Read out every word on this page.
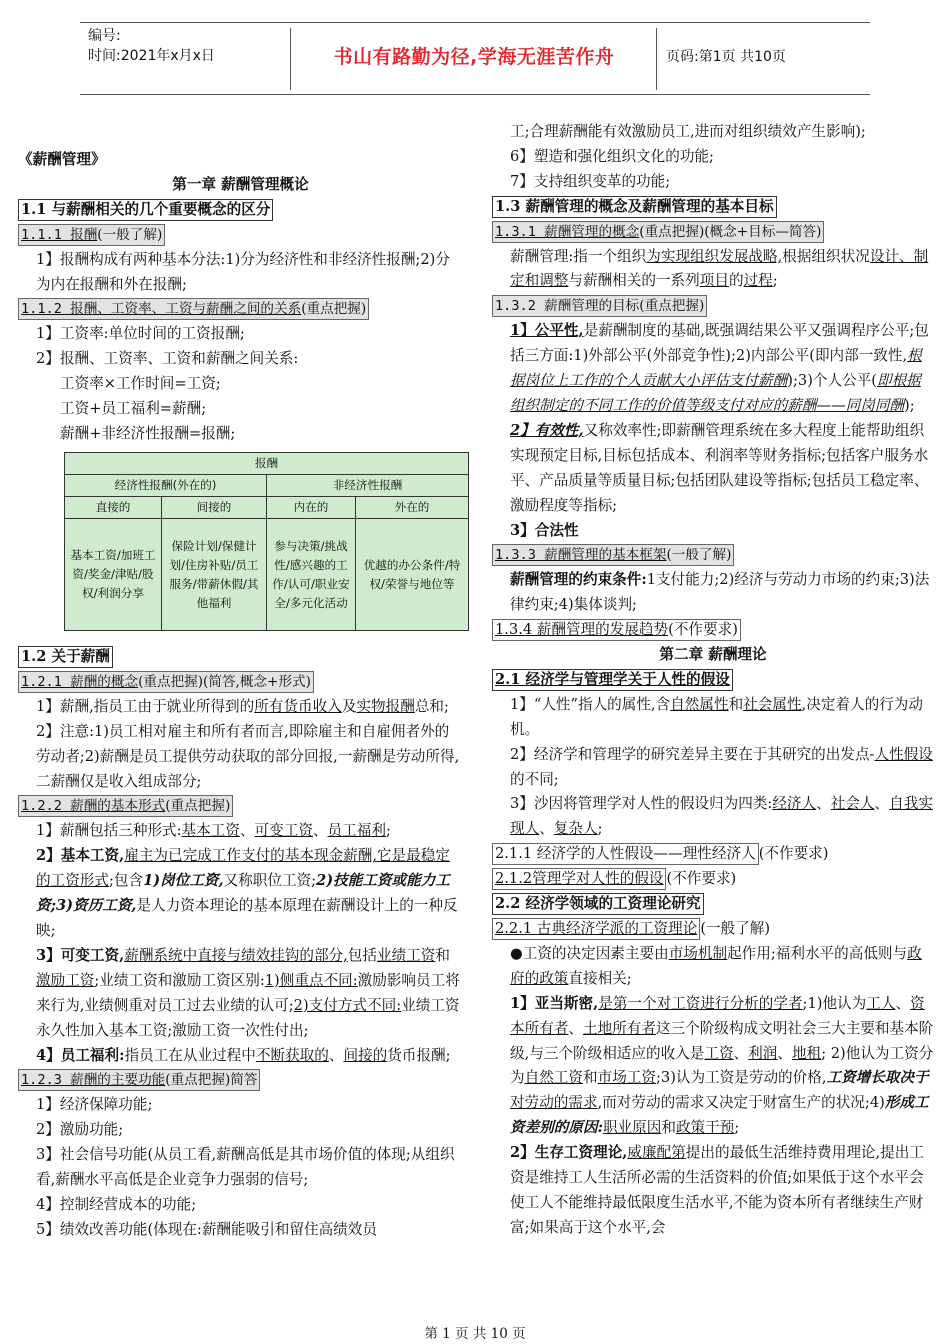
编号:
时间:2021年x月x日	书山有路勤为径,学海无涯苦作舟	页码:第1页 共10页

《薪酬管理》

第一章 薪酬管理概论

1.1 与薪酬相关的几个重要概念的区分
1.1.1 报酬(一般了解)

1】报酬构成有两种基本分法:1)分为经济性和非经济性报酬;2)分为内在报酬和外在报酬;

1.1.2 报酬、工资率、工资与薪酬之间的关系(重点把握)

1】工资率:单位时间的工资报酬;

2】报酬、工资率、工资和薪酬之间关系:

工资率×工作时间=工资;

工资+员工福利=薪酬;

薪酬+非经济性报酬=报酬;

报酬			
经济性报酬(外在的)		非经济性报酬	
直接的	间接的	内在的	外在的
基本工资/加班工资/奖金/津贴/股权/利润分享	保险计划/保健计划/住房补贴/员工服务/带薪休假/其他福利	参与决策/挑战性/感兴趣的工作/认可/职业安全/多元化活动	优越的办公条件/特权/荣誉与地位等
1.2 关于薪酬
1.2.1 薪酬的概念(重点把握)(简答,概念+形式)

1】薪酬,指员工由于就业所得到的所有货币收入及实物报酬总和;

2】注意:1)员工相对雇主和所有者而言,即除雇主和自雇佣者外的劳动者;2)薪酬是员工提供劳动获取的部分回报,一薪酬是劳动所得,二薪酬仅是收入组成部分;

1.2.2 薪酬的基本形式(重点把握)

1】薪酬包括三种形式:基本工资、可变工资、员工福利;

2】基本工资,雇主为已完成工作支付的基本现金薪酬,它是最稳定的工资形式;包含1)岗位工资,又称职位工资;2)技能工资或能力工资;3)资历工资,是人力资本理论的基本原理在薪酬设计上的一种反映;

3】可变工资,薪酬系统中直接与绩效挂钩的部分,包括业绩工资和激励工资;业绩工资和激励工资区别:1)侧重点不同:激励影响员工将来行为,业绩侧重对员工过去业绩的认可;2)支付方式不同:业绩工资永久性加入基本工资;激励工资一次性付出;

4】员工福利:指员工在从业过程中不断获取的、间接的货币报酬;

1.2.3 薪酬的主要功能(重点把握)简答

1】经济保障功能;

2】激励功能;

3】社会信号功能(从员工看,薪酬高低是其市场价值的体现;从组织看,薪酬水平高低是企业竞争力强弱的信号;

4】控制经营成本的功能;

5】绩效改善功能(体现在:薪酬能吸引和留住高绩效员

工;合理薪酬能有效激励员工,进而对组织绩效产生影响);

6】塑造和强化组织文化的功能;

7】支持组织变革的功能;

1.3 薪酬管理的概念及薪酬管理的基本目标
1.3.1 薪酬管理的概念(重点把握)(概念+目标—简答)

薪酬管理:指一个组织为实现组织发展战略,根据组织状况设计、制定和调整与薪酬相关的一系列项目的过程;

1.3.2 薪酬管理的目标(重点把握)

1】公平性,是薪酬制度的基础,既强调结果公平又强调程序公平;包括三方面:1)外部公平(外部竞争性);2)内部公平(即内部一致性,根据岗位上工作的个人贡献大小评估支付薪酬);3)个人公平(即根据组织制定的不同工作的价值等级支付对应的薪酬——同岗同酬);

2】有效性,又称效率性;即薪酬管理系统在多大程度上能帮助组织实现预定目标,目标包括成本、利润率等财务指标;包括客户服务水平、产品质量等质量目标;包括团队建设等指标;包括员工稳定率、激励程度等指标;

3】合法性

1.3.3 薪酬管理的基本框架(一般了解)

薪酬管理的约束条件:1支付能力;2)经济与劳动力市场的约束;3)法律约束;4)集体谈判;

1.3.4 薪酬管理的发展趋势(不作要求)

第二章 薪酬理论

2.1 经济学与管理学关于人性的假设

1】“人性”指人的属性,含自然属性和社会属性,决定着人的行为动机。

2】经济学和管理学的研究差异主要在于其研究的出发点-人性假设的不同;

3】沙因将管理学对人性的假设归为四类:经济人、社会人、自我实现人、复杂人;

2.1.1 经济学的人性假设——理性经济人 (不作要求)
2.1.2管理学对人性的假设 (不作要求)
2.2 经济学领域的工资理论研究
2.2.1 古典经济学派的工资理论 (一般了解)

●工资的决定因素主要由市场机制起作用;福利水平的高低则与政府的政策直接相关;

1】亚当斯密,是第一个对工资进行分析的学者;1)他认为工人、资本所有者、土地所有者这三个阶级构成文明社会三大主要和基本阶级,与三个阶级相适应的收入是工资、利润、地租; 2)他认为工资分为自然工资和市场工资;3)认为工资是劳动的价格,工资增长取决于对劳动的需求,而对劳动的需求又决定于财富生产的状况;4)形成工资差别的原因:职业原因和政策干预;

2】生存工资理论,威廉配第提出的最低生活维持费用理论,提出工资是维持工人生活所必需的生活资料的价值;如果低于这个水平会使工人不能维持最低限度生活水平,不能为资本所有者继续生产财富;如果高于这个水平,会

第 1 页 共 10 页
